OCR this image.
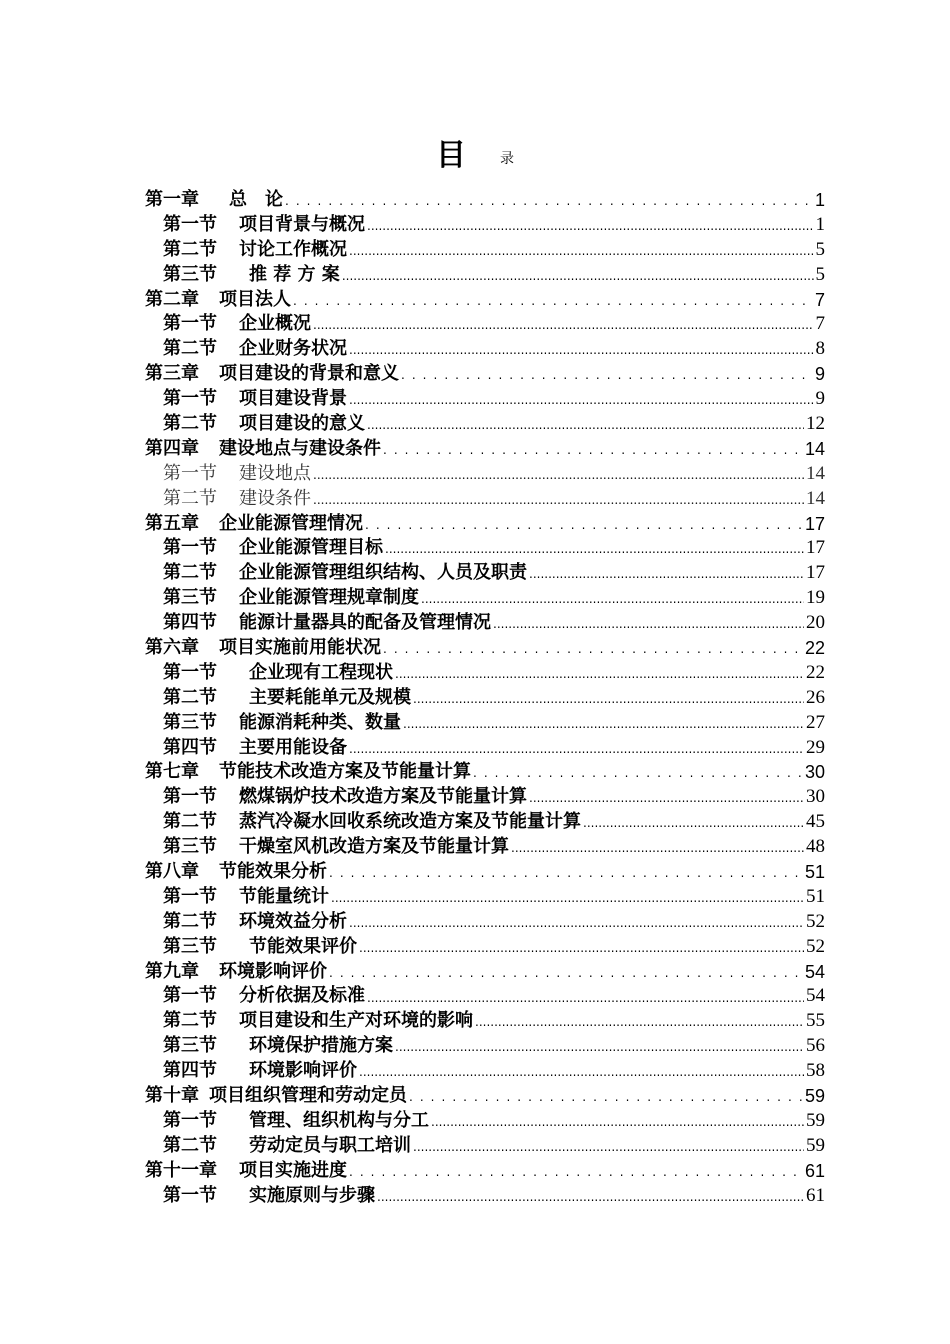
目 录
第一章 总　论 . . .	1
第一节 项目背景与概况 .....	1
第二节 讨论工作概况 .....	5
第三节 推 荐 方 案 .....	5
第二章 项目法人 . . .	7
第一节 企业概况 .....	7
第二节 企业财务状况 .....	8
第三章 项目建设的背景和意义 . . .	9
第一节 项目建设背景 .....	9
第二节 项目建设的意义 .....	12
第四章 建设地点与建设条件 . . .	14
第一节 建设地点 .....	14
第二节 建设条件 .....	14
第五章 企业能源管理情况 . . .	17
第一节 企业能源管理目标 .....	17
第二节 企业能源管理组织结构、人员及职责 .....	17
第三节 企业能源管理规章制度 .....	19
第四节 能源计量器具的配备及管理情况 .....	20
第六章 项目实施前用能状况 . . .	22
第一节 企业现有工程现状 .....	22
第二节 主要耗能单元及规模 .....	26
第三节 能源消耗种类、数量 .....	27
第四节 主要用能设备 .....	29
第七章 节能技术改造方案及节能量计算 . . .	30
第一节 燃煤锅炉技术改造方案及节能量计算 .....	30
第二节 蒸汽冷凝水回收系统改造方案及节能量计算 .....	45
第三节 干燥室风机改造方案及节能量计算 .....	48
第八章 节能效果分析 . . .	51
第一节 节能量统计 .....	51
第二节 环境效益分析 .....	52
第三节 节能效果评价 .....	52
第九章 环境影响评价 . . .	54
第一节 分析依据及标准 .....	54
第二节 项目建设和生产对环境的影响 .....	55
第三节 环境保护措施方案 .....	56
第四节 环境影响评价 .....	58
第十章 项目组织管理和劳动定员 . . .	59
第一节 管理、组织机构与分工 .....	59
第二节 劳动定员与职工培训 .....	59
第十一章 项目实施进度 . . .	61
第一节 实施原则与步骤 .....	61
